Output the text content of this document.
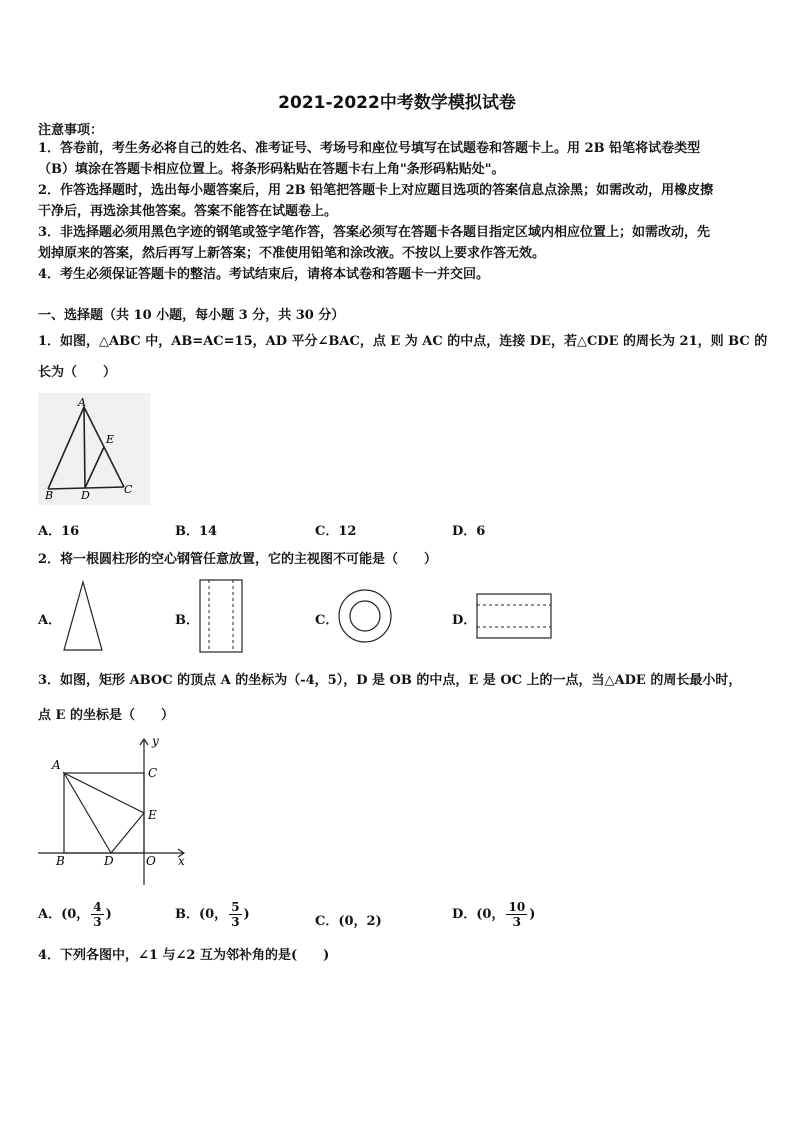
2021-2022中考数学模拟试卷
注意事项：
1．答卷前，考生务必将自己的姓名、准考证号、考场号和座位号填写在试题卷和答题卡上。用 2B 铅笔将试卷类型
（B）填涂在答题卡相应位置上。将条形码粘贴在答题卡右上角"条形码粘贴处"。
2．作答选择题时，选出每小题答案后，用 2B 铅笔把答题卡上对应题目选项的答案信息点涂黑；如需改动，用橡皮擦
干净后，再选涂其他答案。答案不能答在试题卷上。
3．非选择题必须用黑色字迹的钢笔或签字笔作答，答案必须写在答题卡各题目指定区域内相应位置上；如需改动，先
划掉原来的答案，然后再写上新答案；不准使用铅笔和涂改液。不按以上要求作答无效。
4．考生必须保证答题卡的整洁。考试结束后，请将本试卷和答题卡一并交回。
一、选择题（共 10 小题，每小题 3 分，共 30 分）
1．如图，△ABC 中，AB=AC=15，AD 平分∠BAC，点 E 为 AC 的中点，连接 DE，若△CDE 的周长为 21，则 BC 的
长为（　　）
A
E
B	D	C
A．16	B．14	C．12	D．6
2．将一根圆柱形的空心钢管任意放置，它的主视图不可能是（　　）
A．	B．	C．	D．
3．如图，矩形 ABOC 的顶点 A 的坐标为（-4，5），D 是 OB 的中点，E 是 OC 上的一点，当△ADE 的周长最小时，
点 E 的坐标是（　　）
y
A
C
E
B	D	O x
A．(0， $\frac{4}{3}$ )	B．(0， $\frac{5}{3}$ )	C．(0，2)	D．(0， $\frac{10}{3}$ )
4．下列各图中，∠1 与∠2 互为邻补角的是(　　)
